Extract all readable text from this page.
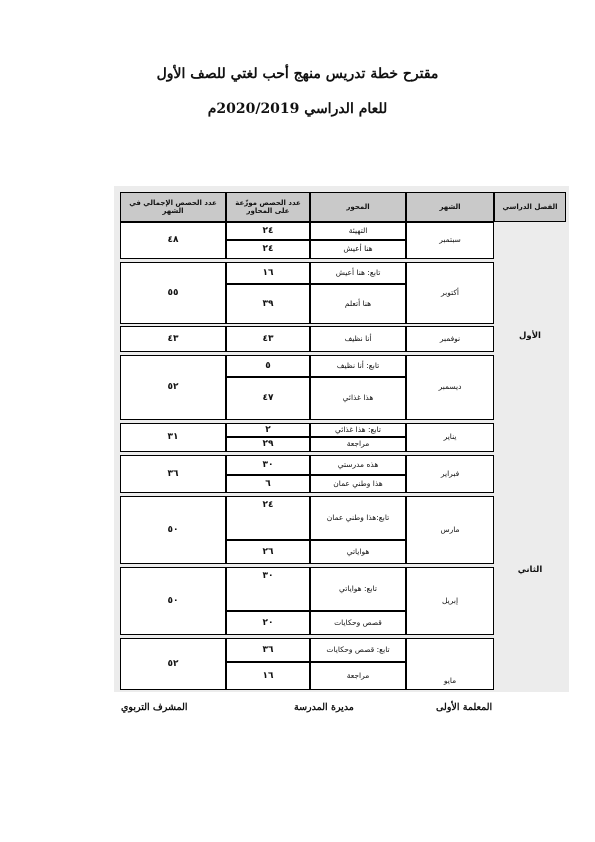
مقترح خطة تدريس منهج أحب لغتي للصف الأول
للعام الدراسي 2020/2019م
الفصل الدراسي
الشهر
المحور
عدد الحصص موزّعة على المحاور
عدد الحصص الإجمالي في الشهر
الأول
الثاني
سبتمبر
٤٨
التهيئة
٢٤
هنا أعيش
٢٤
أكتوبر
٥٥
تابع: هنا أعيش
١٦
هنا أتعلم
٣٩
نوفمبر
٤٣	أنا نظيف
٤٣
ديسمبر
٥٢
تابع: أنا نظيف
٥
هذا غذائي
٤٧
يناير
٣١
تابع: هذا غذائي
٢
مراجعة
٢٩
فبراير
٣٦
هذه مدرستي
٣٠
هذا وطني عمان
٦
مارس
٥٠
تابع:هذا وطني عمان
٢٤
هواياتي
٢٦
إبريل
٥٠
تابع: هواياتي
٣٠
قصص وحكايات
٢٠
مايو
٥٢
تابع: قصص وحكايات
٣٦
مراجعة
١٦
المعلمة الأولى
مديرة المدرسة
المشرف التربوي
